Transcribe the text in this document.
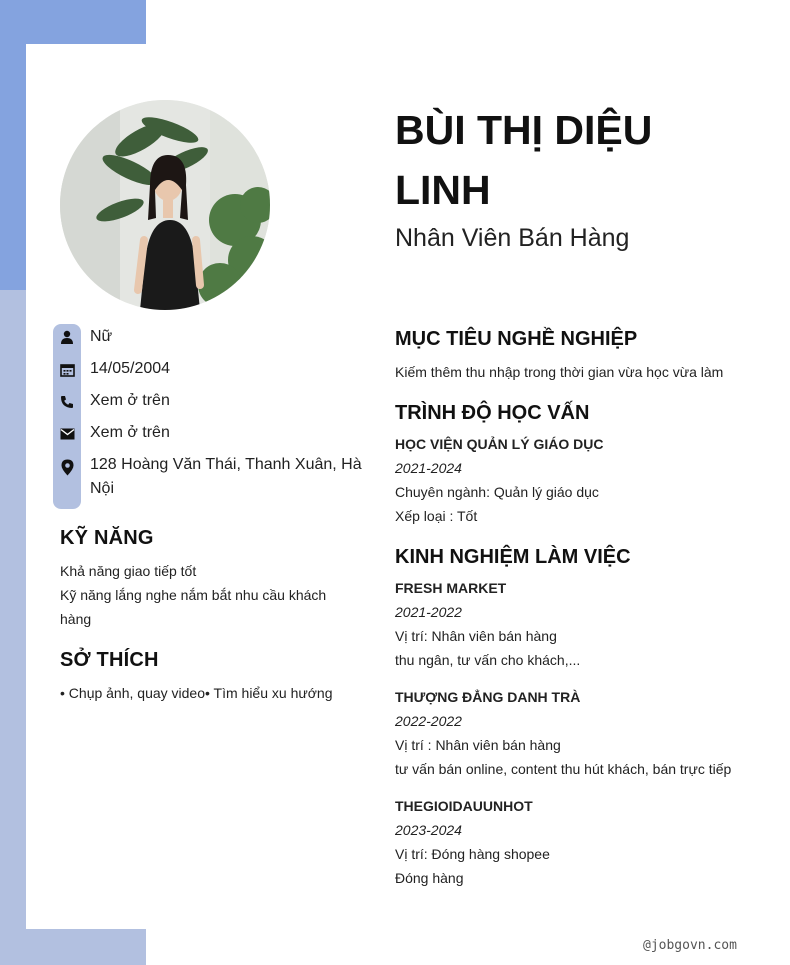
Nữ
14/05/2004
Xem ở trên
Xem ở trên
128 Hoàng Văn Thái, Thanh Xuân, Hà Nội
KỸ NĂNG
Khả năng giao tiếp tốt
Kỹ năng lắng nghe nắm bắt nhu cầu khách hàng
SỞ THÍCH
• Chụp ảnh, quay video• Tìm hiểu xu hướng
BÙI THỊ DIỆU LINH
Nhân Viên Bán Hàng
MỤC TIÊU NGHỀ NGHIỆP
Kiếm thêm thu nhập trong thời gian vừa học vừa làm
TRÌNH ĐỘ HỌC VẤN
HỌC VIỆN QUẢN LÝ GIÁO DỤC
2021-2024
Chuyên ngành: Quản lý giáo dục
Xếp loại : Tốt
KINH NGHIỆM LÀM VIỆC
FRESH MARKET
2021-2022
Vị trí: Nhân viên bán hàng
thu ngân, tư vấn cho khách,...
THƯỢNG ĐẲNG DANH TRÀ
2022-2022
Vị trí : Nhân viên bán hàng
tư vấn bán online, content thu hút khách, bán trực tiếp
THEGIOIDAUUNHOT
2023-2024
Vị trí: Đóng hàng shopee
Đóng hàng
@jobgovn.com
